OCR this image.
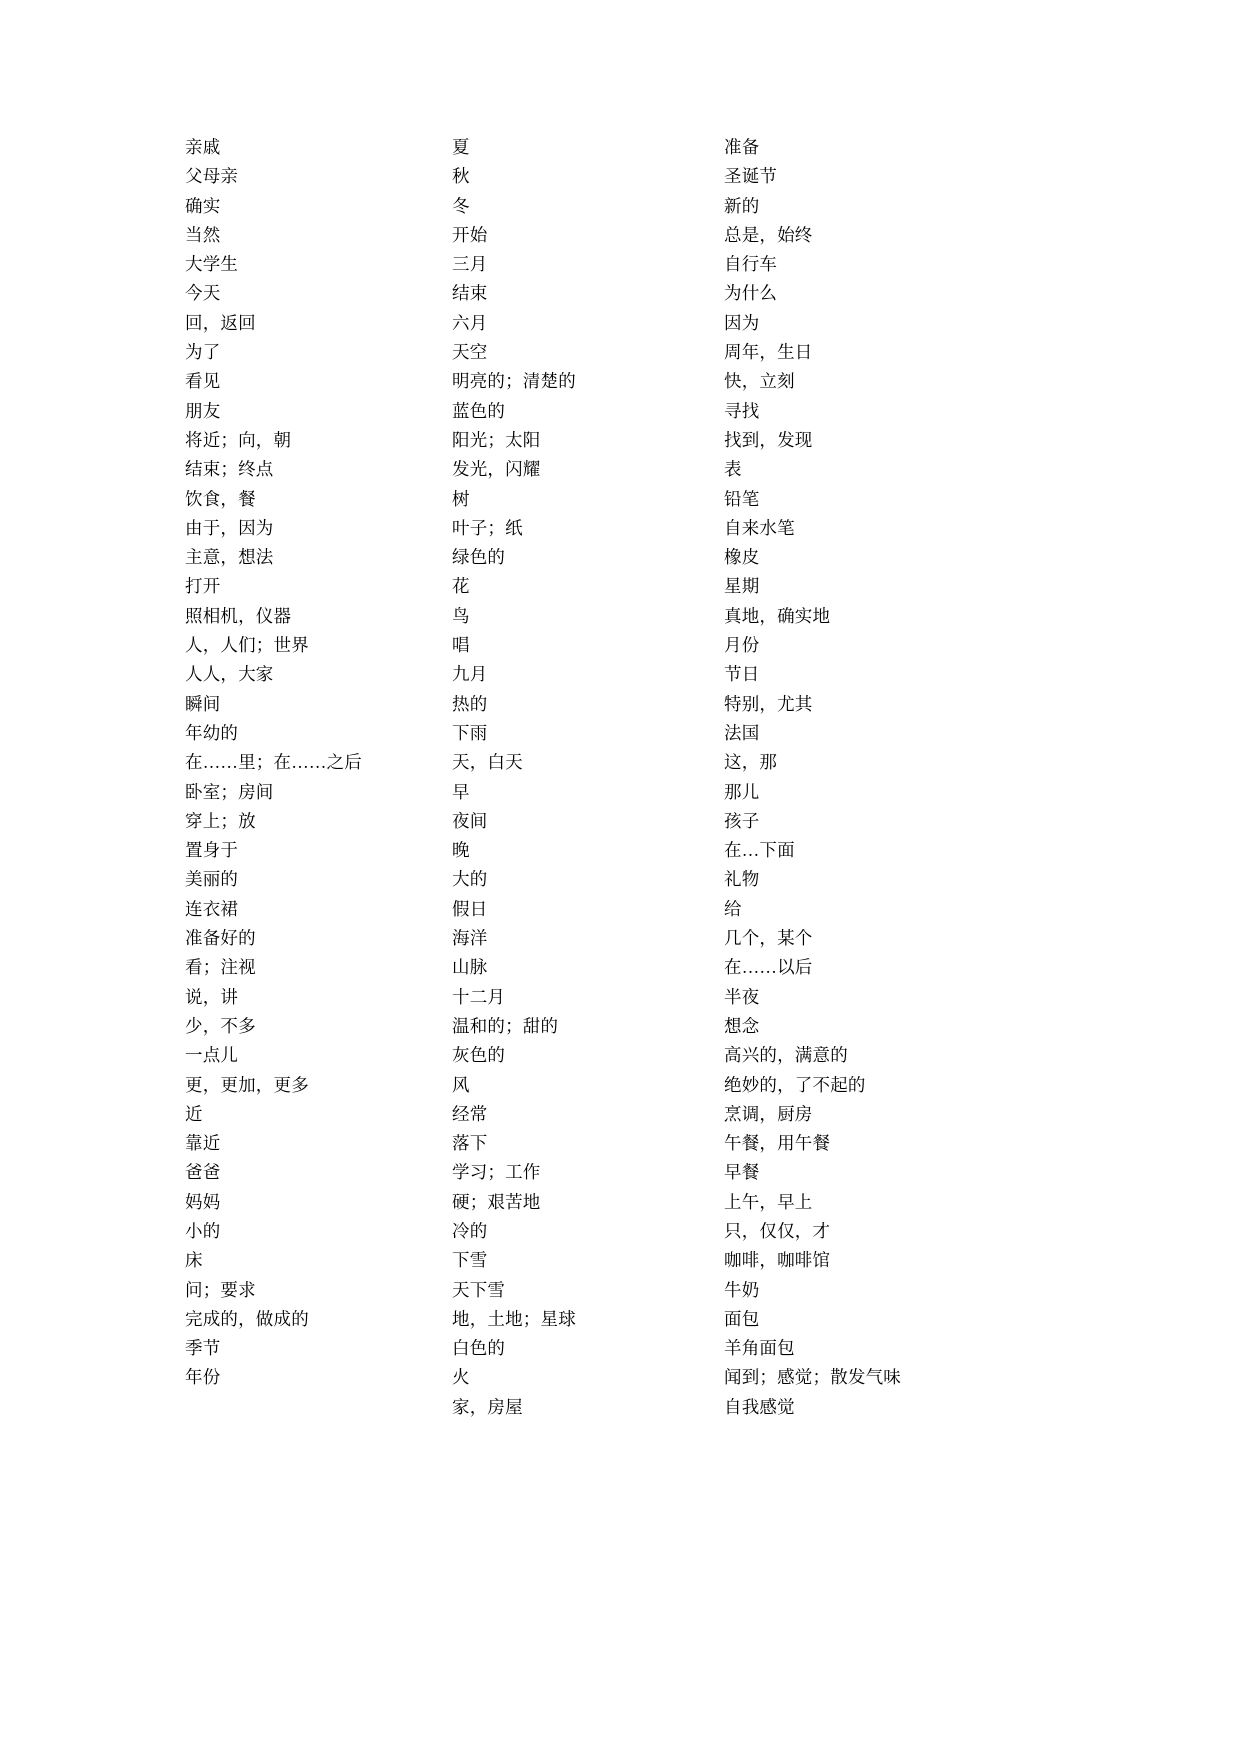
亲戚
父母亲
确实
当然
大学生
今天
回，返回
为了
看见
朋友
将近；向，朝
结束；终点
饮食，餐
由于，因为
主意，想法
打开
照相机，仪器
人，人们；世界
人人，大家
瞬间
年幼的
在……里；在……之后
卧室；房间
穿上；放
置身于
美丽的
连衣裙
准备好的
看；注视
说，讲
少，不多
一点儿
更，更加，更多
近
靠近
爸爸
妈妈
小的
床
问；要求
完成的，做成的
季节
年份
夏
秋
冬
开始
三月
结束
六月
天空
明亮的；清楚的
蓝色的
阳光；太阳
发光，闪耀
树
叶子；纸
绿色的
花
鸟
唱
九月
热的
下雨
天，白天
早
夜间
晚
大的
假日
海洋
山脉
十二月
温和的；甜的
灰色的
风
经常
落下
学习；工作
硬；艰苦地
冷的
下雪
天下雪
地，土地；星球
白色的
火
家，房屋
准备
圣诞节
新的
总是，始终
自行车
为什么
因为
周年，生日
快，立刻
寻找
找到，发现
表
铅笔
自来水笔
橡皮
星期
真地，确实地
月份
节日
特别，尤其
法国
这，那
那儿
孩子
在…下面
礼物
给
几个，某个
在……以后
半夜
想念
高兴的，满意的
绝妙的，了不起的
烹调，厨房
午餐，用午餐
早餐
上午，早上
只，仅仅，才
咖啡，咖啡馆
牛奶
面包
羊角面包
闻到；感觉；散发气味
自我感觉
